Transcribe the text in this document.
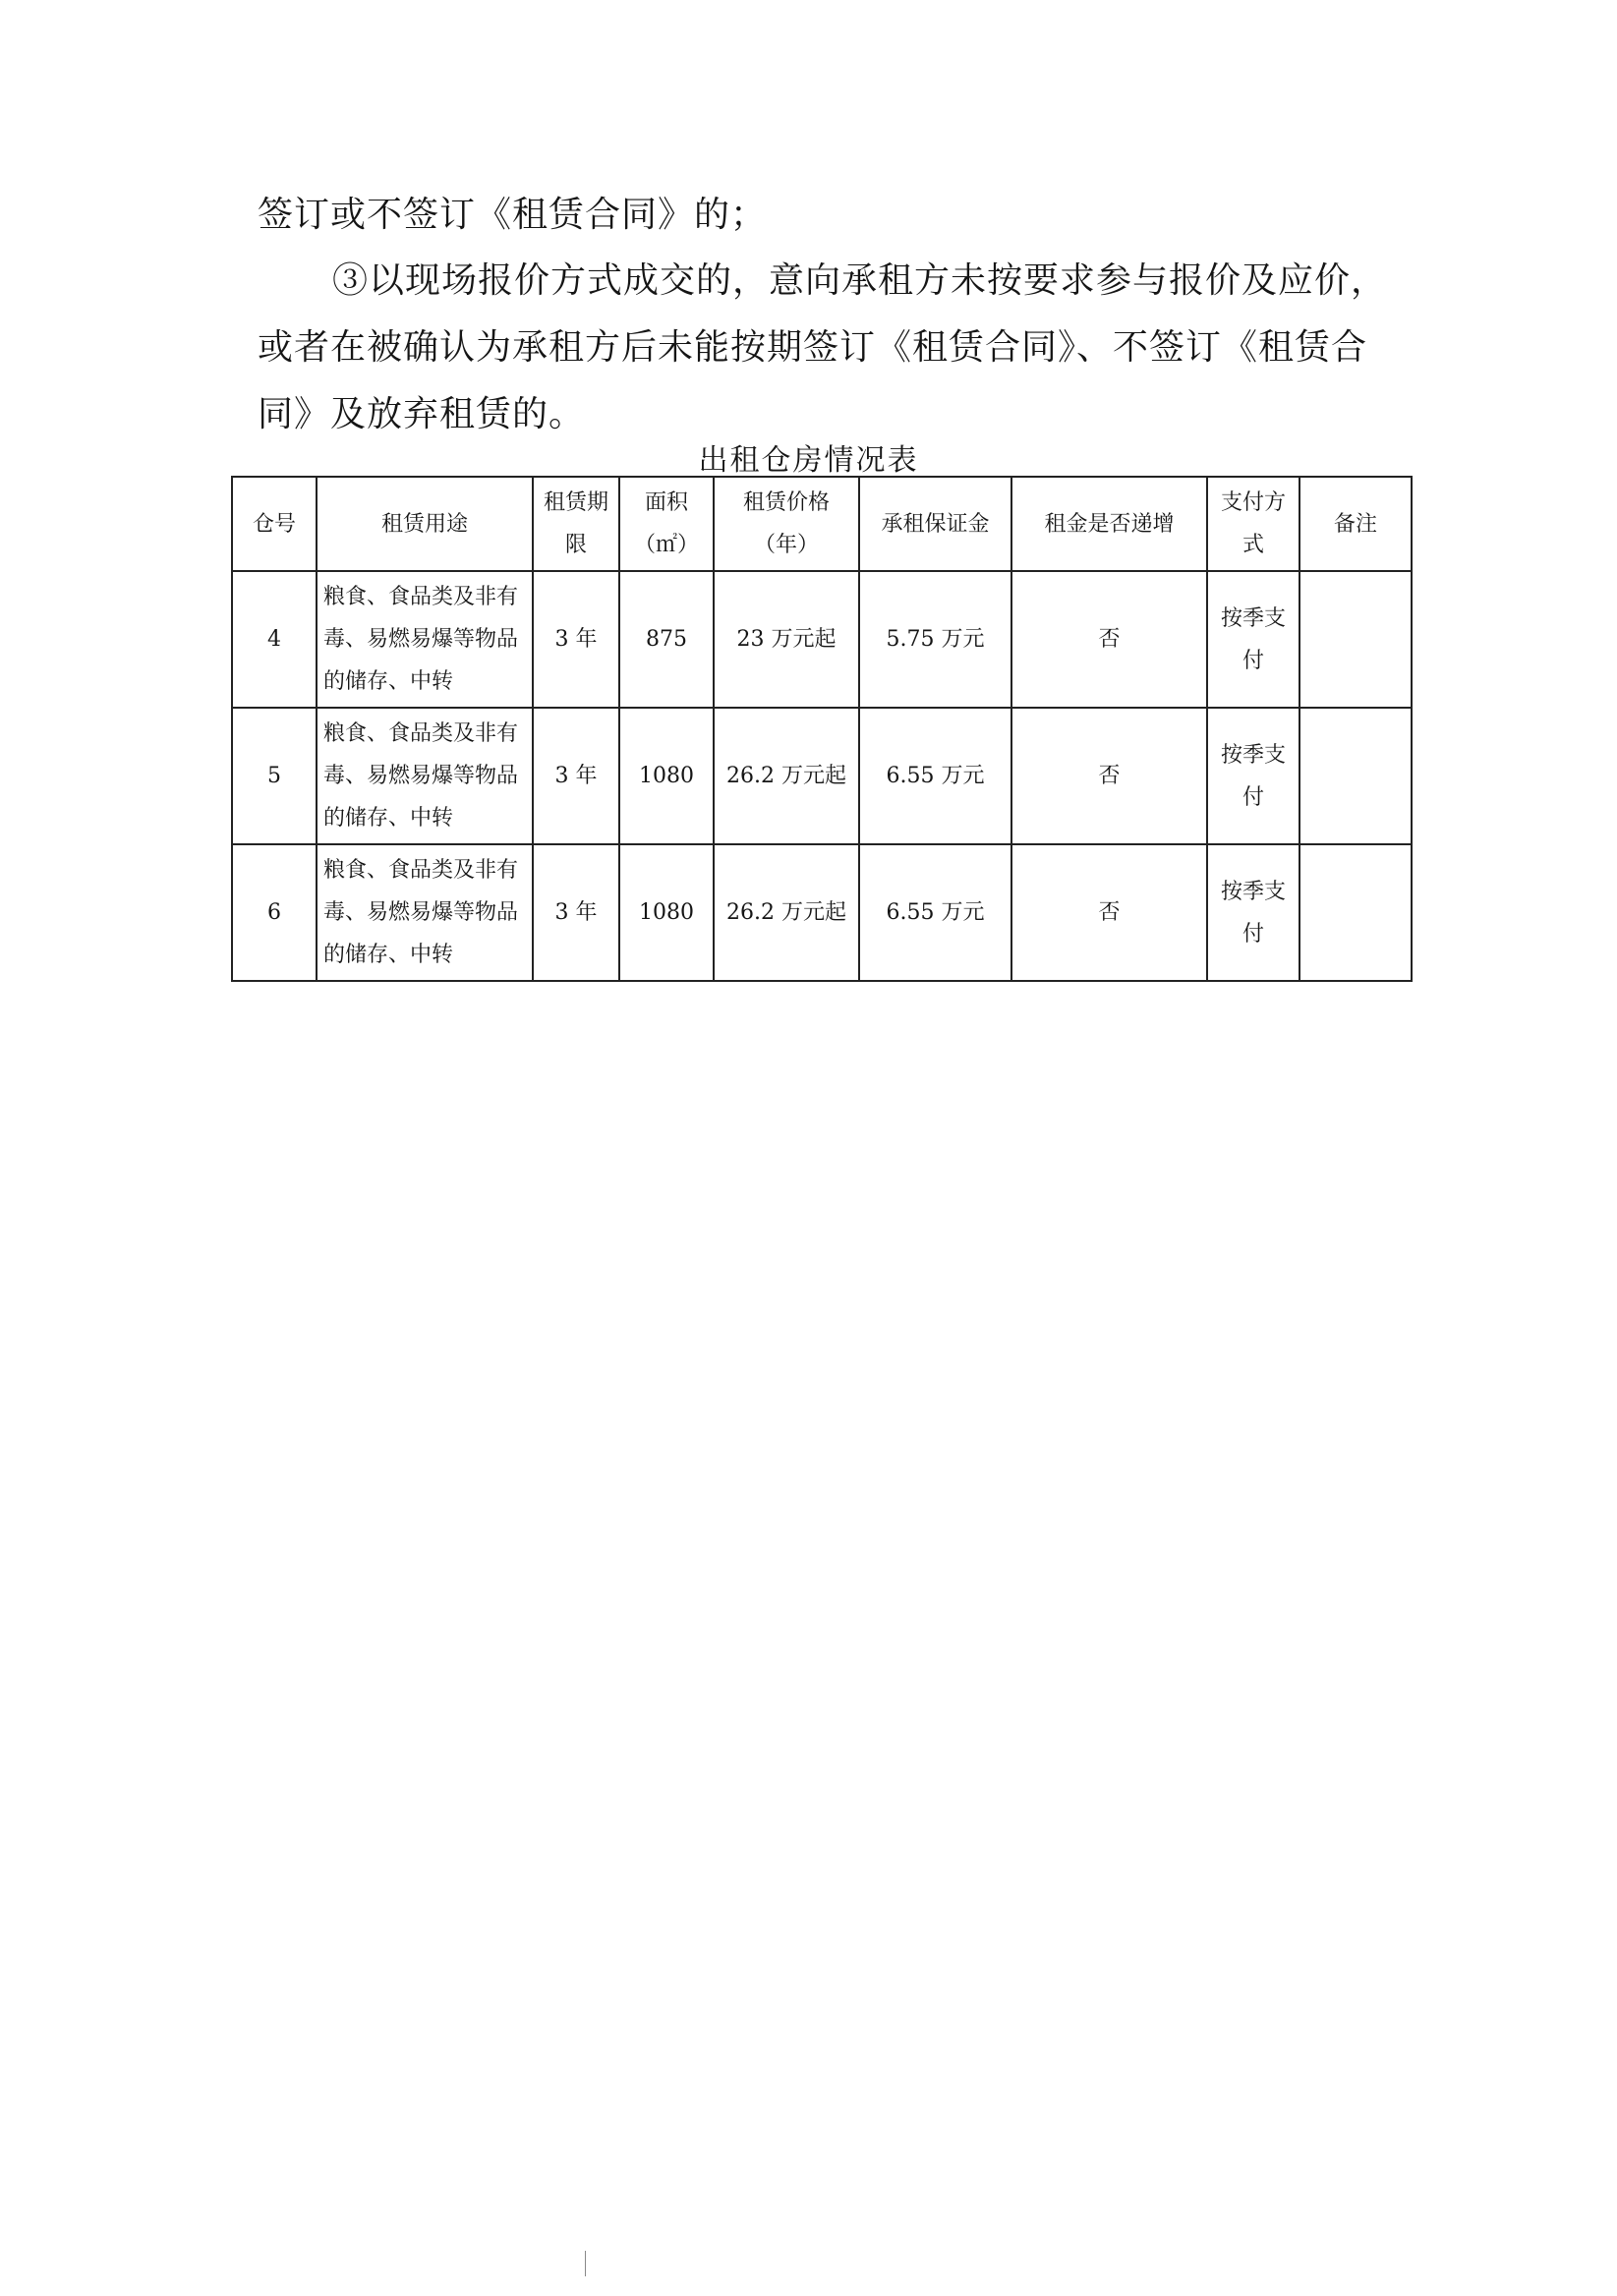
签订或不签订《租赁合同》的；

③以现场报价方式成交的，意向承租方未按要求参与报价及应价，或者在被确认为承租方后未能按期签订《租赁合同》、不签订《租赁合同》及放弃租赁的。

出租仓房情况表
仓号	租赁用途	租赁期限	面积（㎡）	租赁价格（年）	承租保证金	租金是否递增	支付方式	备注
4	粮食、食品类及非有毒、易燃易爆等物品的储存、中转	3 年	875	23 万元起	5.75 万元	否	按季支付	
5	粮食、食品类及非有毒、易燃易爆等物品的储存、中转	3 年	1080	26.2 万元起	6.55 万元	否	按季支付	
6	粮食、食品类及非有毒、易燃易爆等物品的储存、中转	3 年	1080	26.2 万元起	6.55 万元	否	按季支付	
